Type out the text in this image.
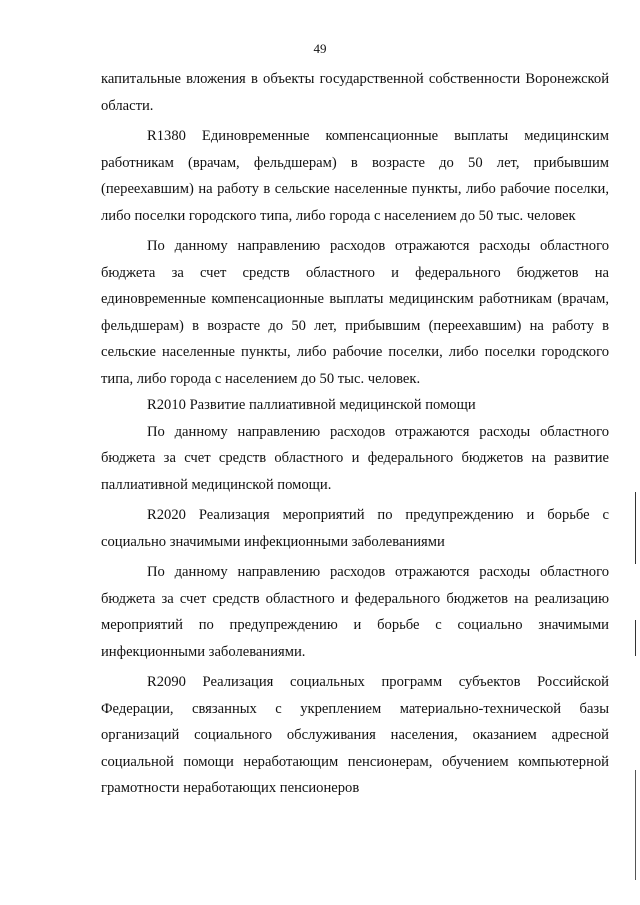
49

капитальные вложения в объекты государственной собственности Воронежской области.

R1380 Единовременные компенсационные выплаты медицинским работникам (врачам, фельдшерам) в возрасте до 50 лет, прибывшим (переехавшим) на работу в сельские населенные пункты, либо рабочие поселки, либо поселки городского типа, либо города с населением до 50 тыс. человек

По данному направлению расходов отражаются расходы областного бюджета за счет средств областного и федерального бюджетов на единовременные компенсационные выплаты медицинским работникам (врачам, фельдшерам) в возрасте до 50 лет, прибывшим (переехавшим) на работу в сельские населенные пункты, либо рабочие поселки, либо поселки городского типа, либо города с населением до 50 тыс. человек.

R2010 Развитие паллиативной медицинской помощи

По данному направлению расходов отражаются расходы областного бюджета за счет средств областного и федерального бюджетов на развитие паллиативной медицинской помощи.

R2020 Реализация мероприятий по предупреждению и борьбе с социально значимыми инфекционными заболеваниями

По данному направлению расходов отражаются расходы областного бюджета за счет средств областного и федерального бюджетов на реализацию мероприятий по предупреждению и борьбе с социально значимыми инфекционными заболеваниями.

R2090 Реализация социальных программ субъектов Российской Федерации, связанных с укреплением материально-технической базы организаций социального обслуживания населения, оказанием адресной социальной помощи неработающим пенсионерам, обучением компьютерной грамотности неработающих пенсионеров
